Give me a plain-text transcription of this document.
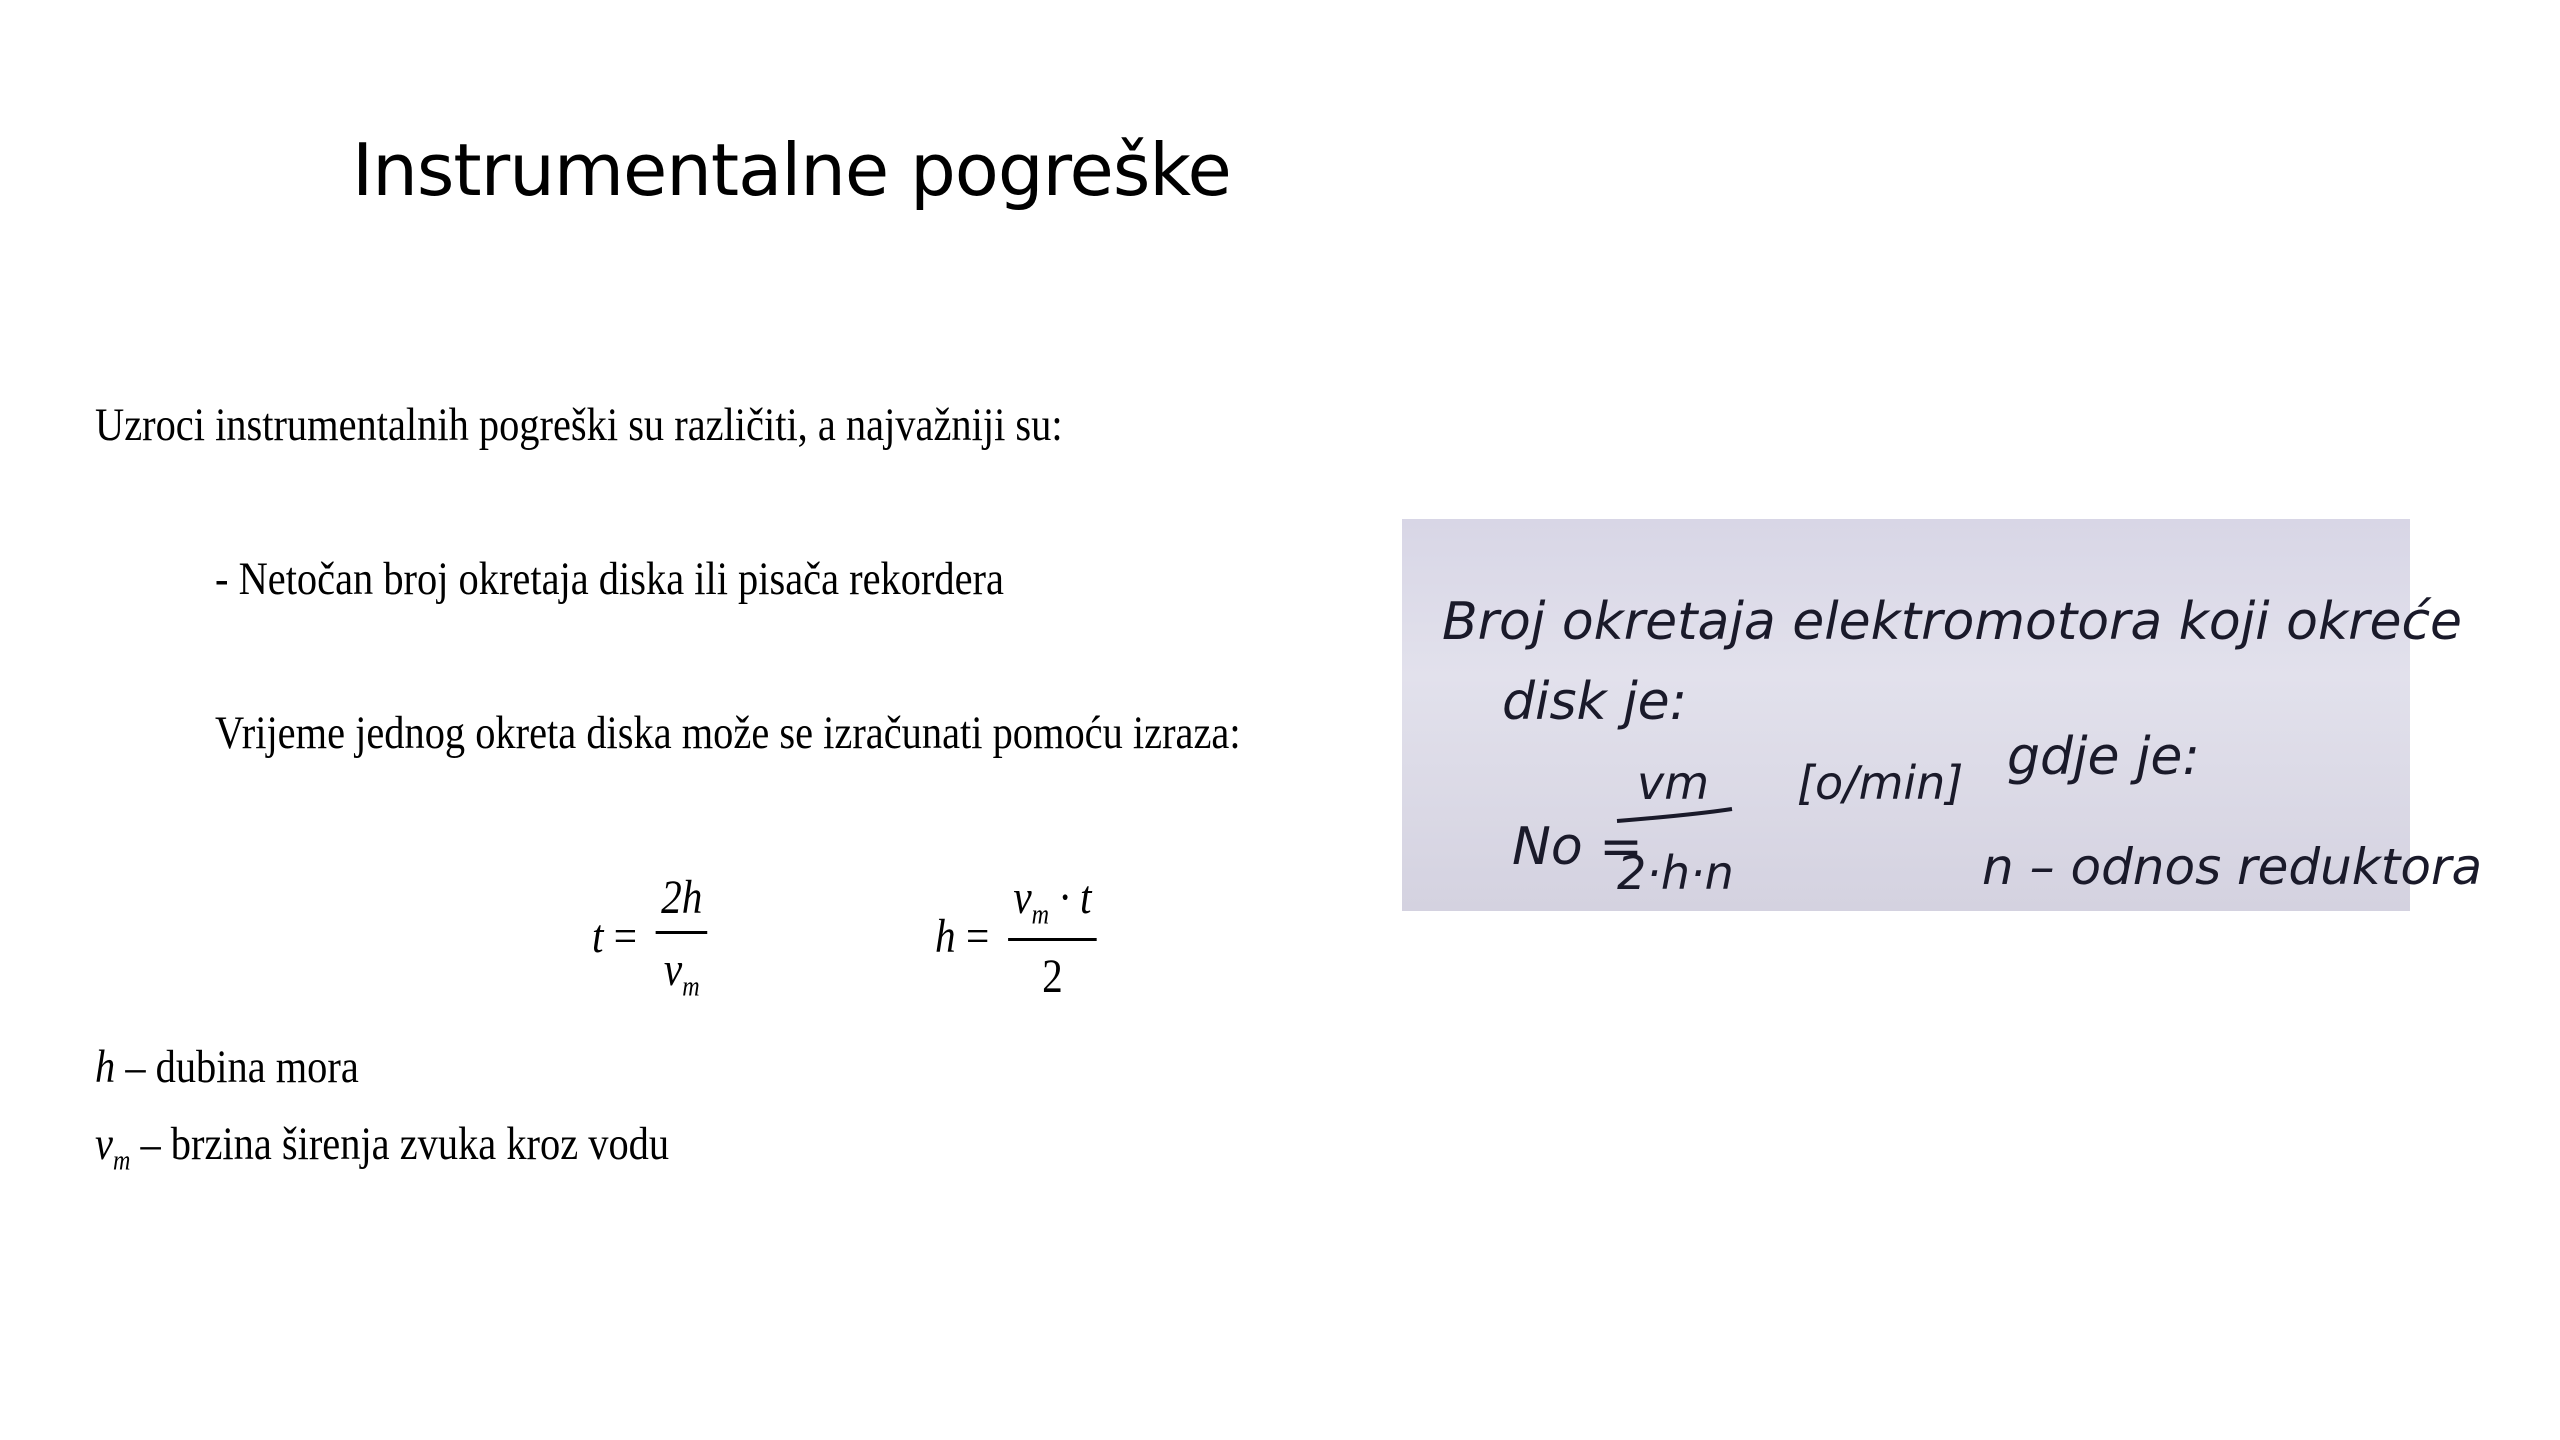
Instrumentalne pogreške
Uzroci instrumentalnih pogreški su različiti, a najvažniji su:
- Netočan broj okretaja diska ili pisača rekordera
Vrijeme jednog okreta diska može se izračunati pomoću izraza:
$t = \frac{2h}{v_m}$	$h = \frac{v_m \cdot t}{2}$
h – dubina mora
$v_m$ – brzina širenja zvuka kroz vodu
Broj okretaja elektromotora koji okreće
disk je:
No =
vm
2·h·n
[o/min] gdje je:
n – odnos reduktora
